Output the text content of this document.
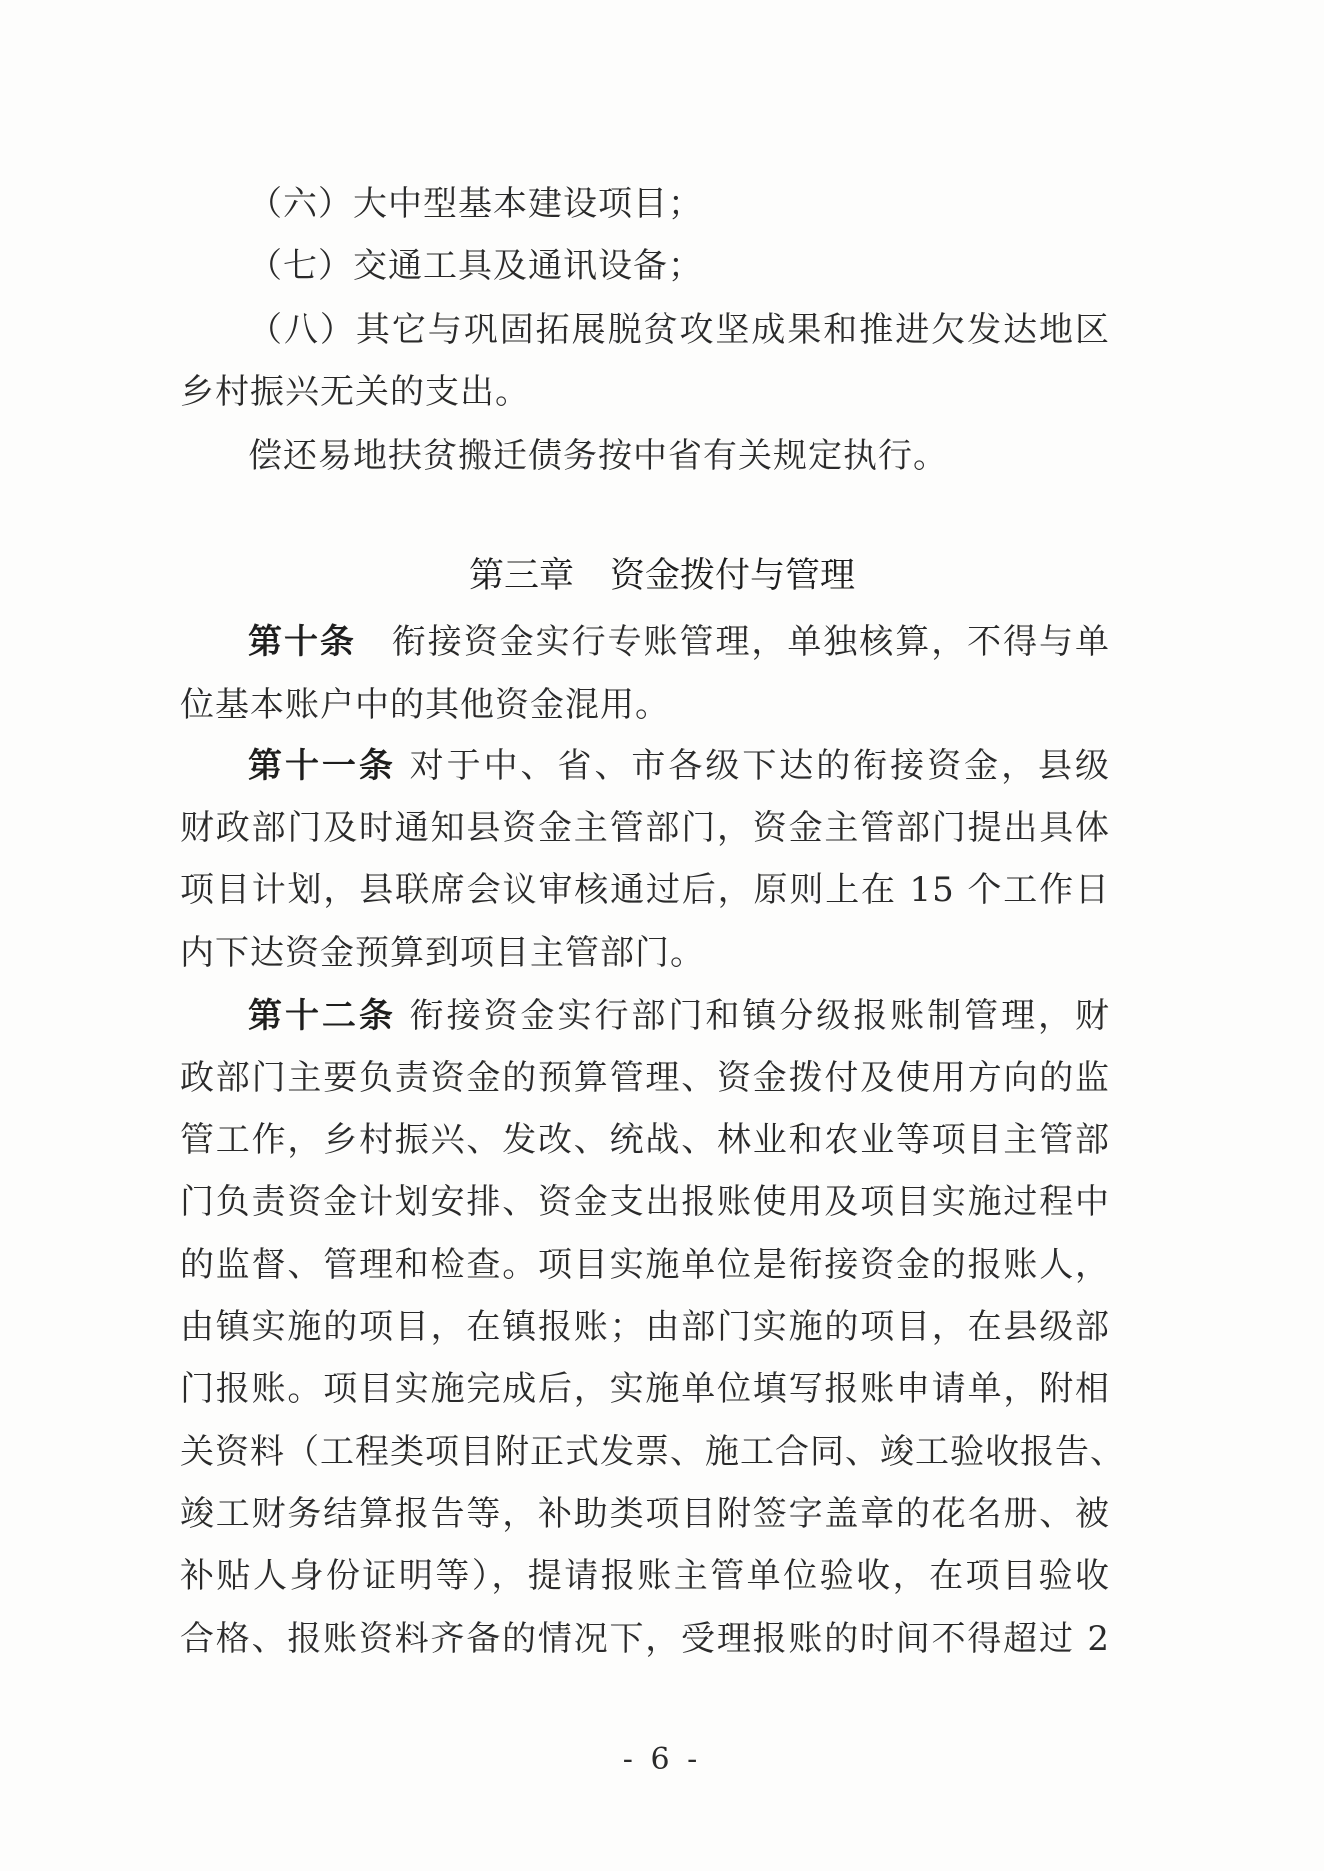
（六）大中型基本建设项目；
（七）交通工具及通讯设备；
（八）其它与巩固拓展脱贫攻坚成果和推进欠发达地区
乡村振兴无关的支出。
偿还易地扶贫搬迁债务按中省有关规定执行。
第三章 资金拨付与管理
第十条　 衔接资金实行专账管理，单独核算，不得与单
位基本账户中的其他资金混用。
第十一条 对于中、省、市各级下达的衔接资金，县级
财政部门及时通知县资金主管部门，资金主管部门提出具体
项目计划，县联席会议审核通过后，原则上在 15 个工作日
内下达资金预算到项目主管部门。
第十二条 衔接资金实行部门和镇分级报账制管理，财
政部门主要负责资金的预算管理、资金拨付及使用方向的监
管工作，乡村振兴、发改、统战、林业和农业等项目主管部
门负责资金计划安排、资金支出报账使用及项目实施过程中
的监督、管理和检查。项目实施单位是衔接资金的报账人，
由镇实施的项目，在镇报账；由部门实施的项目，在县级部
门报账。项目实施完成后，实施单位填写报账申请单，附相
关资料（工程类项目附正式发票、施工合同、竣工验收报告、
竣工财务结算报告等，补助类项目附签字盖章的花名册、被
补贴人身份证明等），提请报账主管单位验收，在项目验收
合格、报账资料齐备的情况下，受理报账的时间不得超过 2
- 6 -
